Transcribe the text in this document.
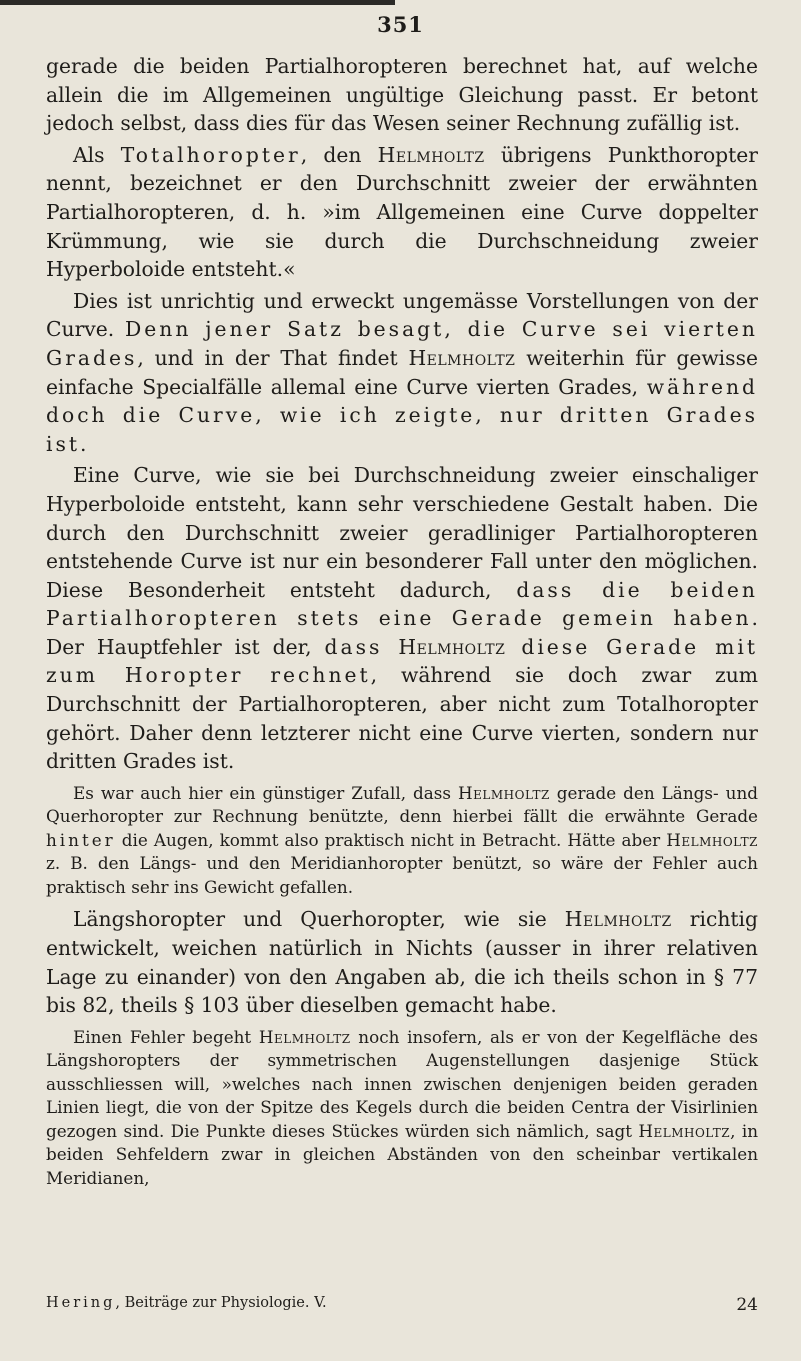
351

gerade die beiden Partialhoropteren berechnet hat, auf welche allein die im Allgemeinen ungültige Gleichung passt. Er betont jedoch selbst, dass dies für das Wesen seiner Rechnung zufällig ist.

Als Totalhoropter, den Helmholtz übrigens Punkthoropter nennt, bezeichnet er den Durchschnitt zweier der erwähnten Partialhoropteren, d. h. »im Allgemeinen eine Curve doppelter Krümmung, wie sie durch die Durchschneidung zweier Hyperboloide entsteht.«

Dies ist unrichtig und erweckt ungemässe Vorstellungen von der Curve. Denn jener Satz besagt, die Curve sei vierten Grades, und in der That findet Helmholtz weiterhin für gewisse einfache Specialfälle allemal eine Curve vierten Grades, während doch die Curve, wie ich zeigte, nur dritten Grades ist.

Eine Curve, wie sie bei Durchschneidung zweier einschaliger Hyperboloide entsteht, kann sehr verschiedene Gestalt haben. Die durch den Durchschnitt zweier geradliniger Partialhoropteren entstehende Curve ist nur ein besonderer Fall unter den möglichen. Diese Besonderheit entsteht dadurch, dass die beiden Partialhoropteren stets eine Gerade gemein haben. Der Hauptfehler ist der, dass Helmholtz diese Gerade mit zum Horopter rechnet, während sie doch zwar zum Durchschnitt der Partialhoropteren, aber nicht zum Totalhoropter gehört. Daher denn letzterer nicht eine Curve vierten, sondern nur dritten Grades ist.

Es war auch hier ein günstiger Zufall, dass Helmholtz gerade den Längs- und Querhoropter zur Rechnung benützte, denn hierbei fällt die erwähnte Gerade hinter die Augen, kommt also praktisch nicht in Betracht. Hätte aber Helmholtz z. B. den Längs- und den Meridianhoropter benützt, so wäre der Fehler auch praktisch sehr ins Gewicht gefallen.

Längshoropter und Querhoropter, wie sie Helmholtz richtig entwickelt, weichen natürlich in Nichts (ausser in ihrer relativen Lage zu einander) von den Angaben ab, die ich theils schon in § 77 bis 82, theils § 103 über dieselben gemacht habe.

Einen Fehler begeht Helmholtz noch insofern, als er von der Kegelfläche des Längshoropters der symmetrischen Augenstellungen dasjenige Stück ausschliessen will, »welches nach innen zwischen denjenigen beiden geraden Linien liegt, die von der Spitze des Kegels durch die beiden Centra der Visirlinien gezogen sind. Die Punkte dieses Stückes würden sich nämlich, sagt Helmholtz, in beiden Sehfeldern zwar in gleichen Abständen von den scheinbar vertikalen Meridianen,

Hering, Beiträge zur Physiologie. V.	24
